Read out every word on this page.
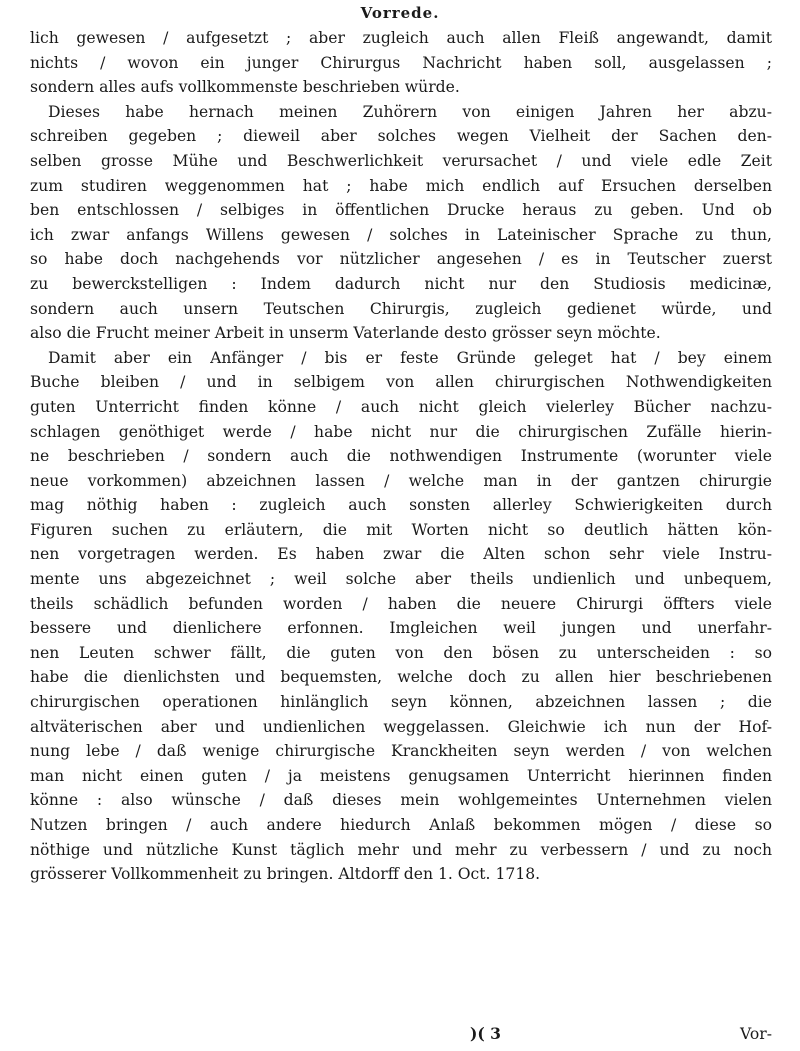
Vorrede.
lich gewesen / aufgesetzt ; aber zugleich auch allen Fleiß angewandt, damit
nichts / wovon ein junger Chirurgus Nachricht haben soll, ausgelassen ;
sondern alles aufs vollkommenste beschrieben würde.
Dieses habe hernach meinen Zuhörern von einigen Jahren her abzu-
schreiben gegeben ; dieweil aber solches wegen Vielheit der Sachen den-
selben grosse Mühe und Beschwerlichkeit verursachet / und viele edle Zeit
zum studiren weggenommen hat ; habe mich endlich auf Ersuchen derselben
ben entschlossen / selbiges in öffentlichen Drucke heraus zu geben. Und ob
ich zwar anfangs Willens gewesen / solches in Lateinischer Sprache zu thun,
so habe doch nachgehends vor nützlicher angesehen / es in Teutscher zuerst
zu bewerckstelligen : Indem dadurch nicht nur den Studiosis medicinæ,
sondern auch unsern Teutschen Chirurgis, zugleich gedienet würde, und
also die Frucht meiner Arbeit in unserm Vaterlande desto grösser seyn möchte.
Damit aber ein Anfänger / bis er feste Gründe geleget hat / bey einem
Buche bleiben / und in selbigem von allen chirurgischen Nothwendigkeiten
guten Unterricht finden könne / auch nicht gleich vielerley Bücher nachzu-
schlagen genöthiget werde / habe nicht nur die chirurgischen Zufälle hierin-
ne beschrieben / sondern auch die nothwendigen Instrumente (worunter viele
neue vorkommen) abzeichnen lassen / welche man in der gantzen chirurgie
mag nöthig haben : zugleich auch sonsten allerley Schwierigkeiten durch
Figuren suchen zu erläutern, die mit Worten nicht so deutlich hätten kön-
nen vorgetragen werden. Es haben zwar die Alten schon sehr viele Instru-
mente uns abgezeichnet ; weil solche aber theils undienlich und unbequem,
theils schädlich befunden worden / haben die neuere Chirurgi öffters viele
bessere und dienlichere erfonnen. Imgleichen weil jungen und unerfahr-
nen Leuten schwer fällt, die guten von den bösen zu unterscheiden : so
habe die dienlichsten und bequemsten, welche doch zu allen hier beschriebenen
chirurgischen operationen hinlänglich seyn können, abzeichnen lassen ; die
altväterischen aber und undienlichen weggelassen. Gleichwie ich nun der Hof-
nung lebe / daß wenige chirurgische Kranckheiten seyn werden / von welchen
man nicht einen guten / ja meistens genugsamen Unterricht hierinnen finden
könne : also wünsche / daß dieses mein wohlgemeintes Unternehmen vielen
Nutzen bringen / auch andere hiedurch Anlaß bekommen mögen / diese so
nöthige und nützliche Kunst täglich mehr und mehr zu verbessern / und zu noch
grösserer Vollkommenheit zu bringen. Altdorff den 1. Oct. 1718.
)( 3	Vor-
